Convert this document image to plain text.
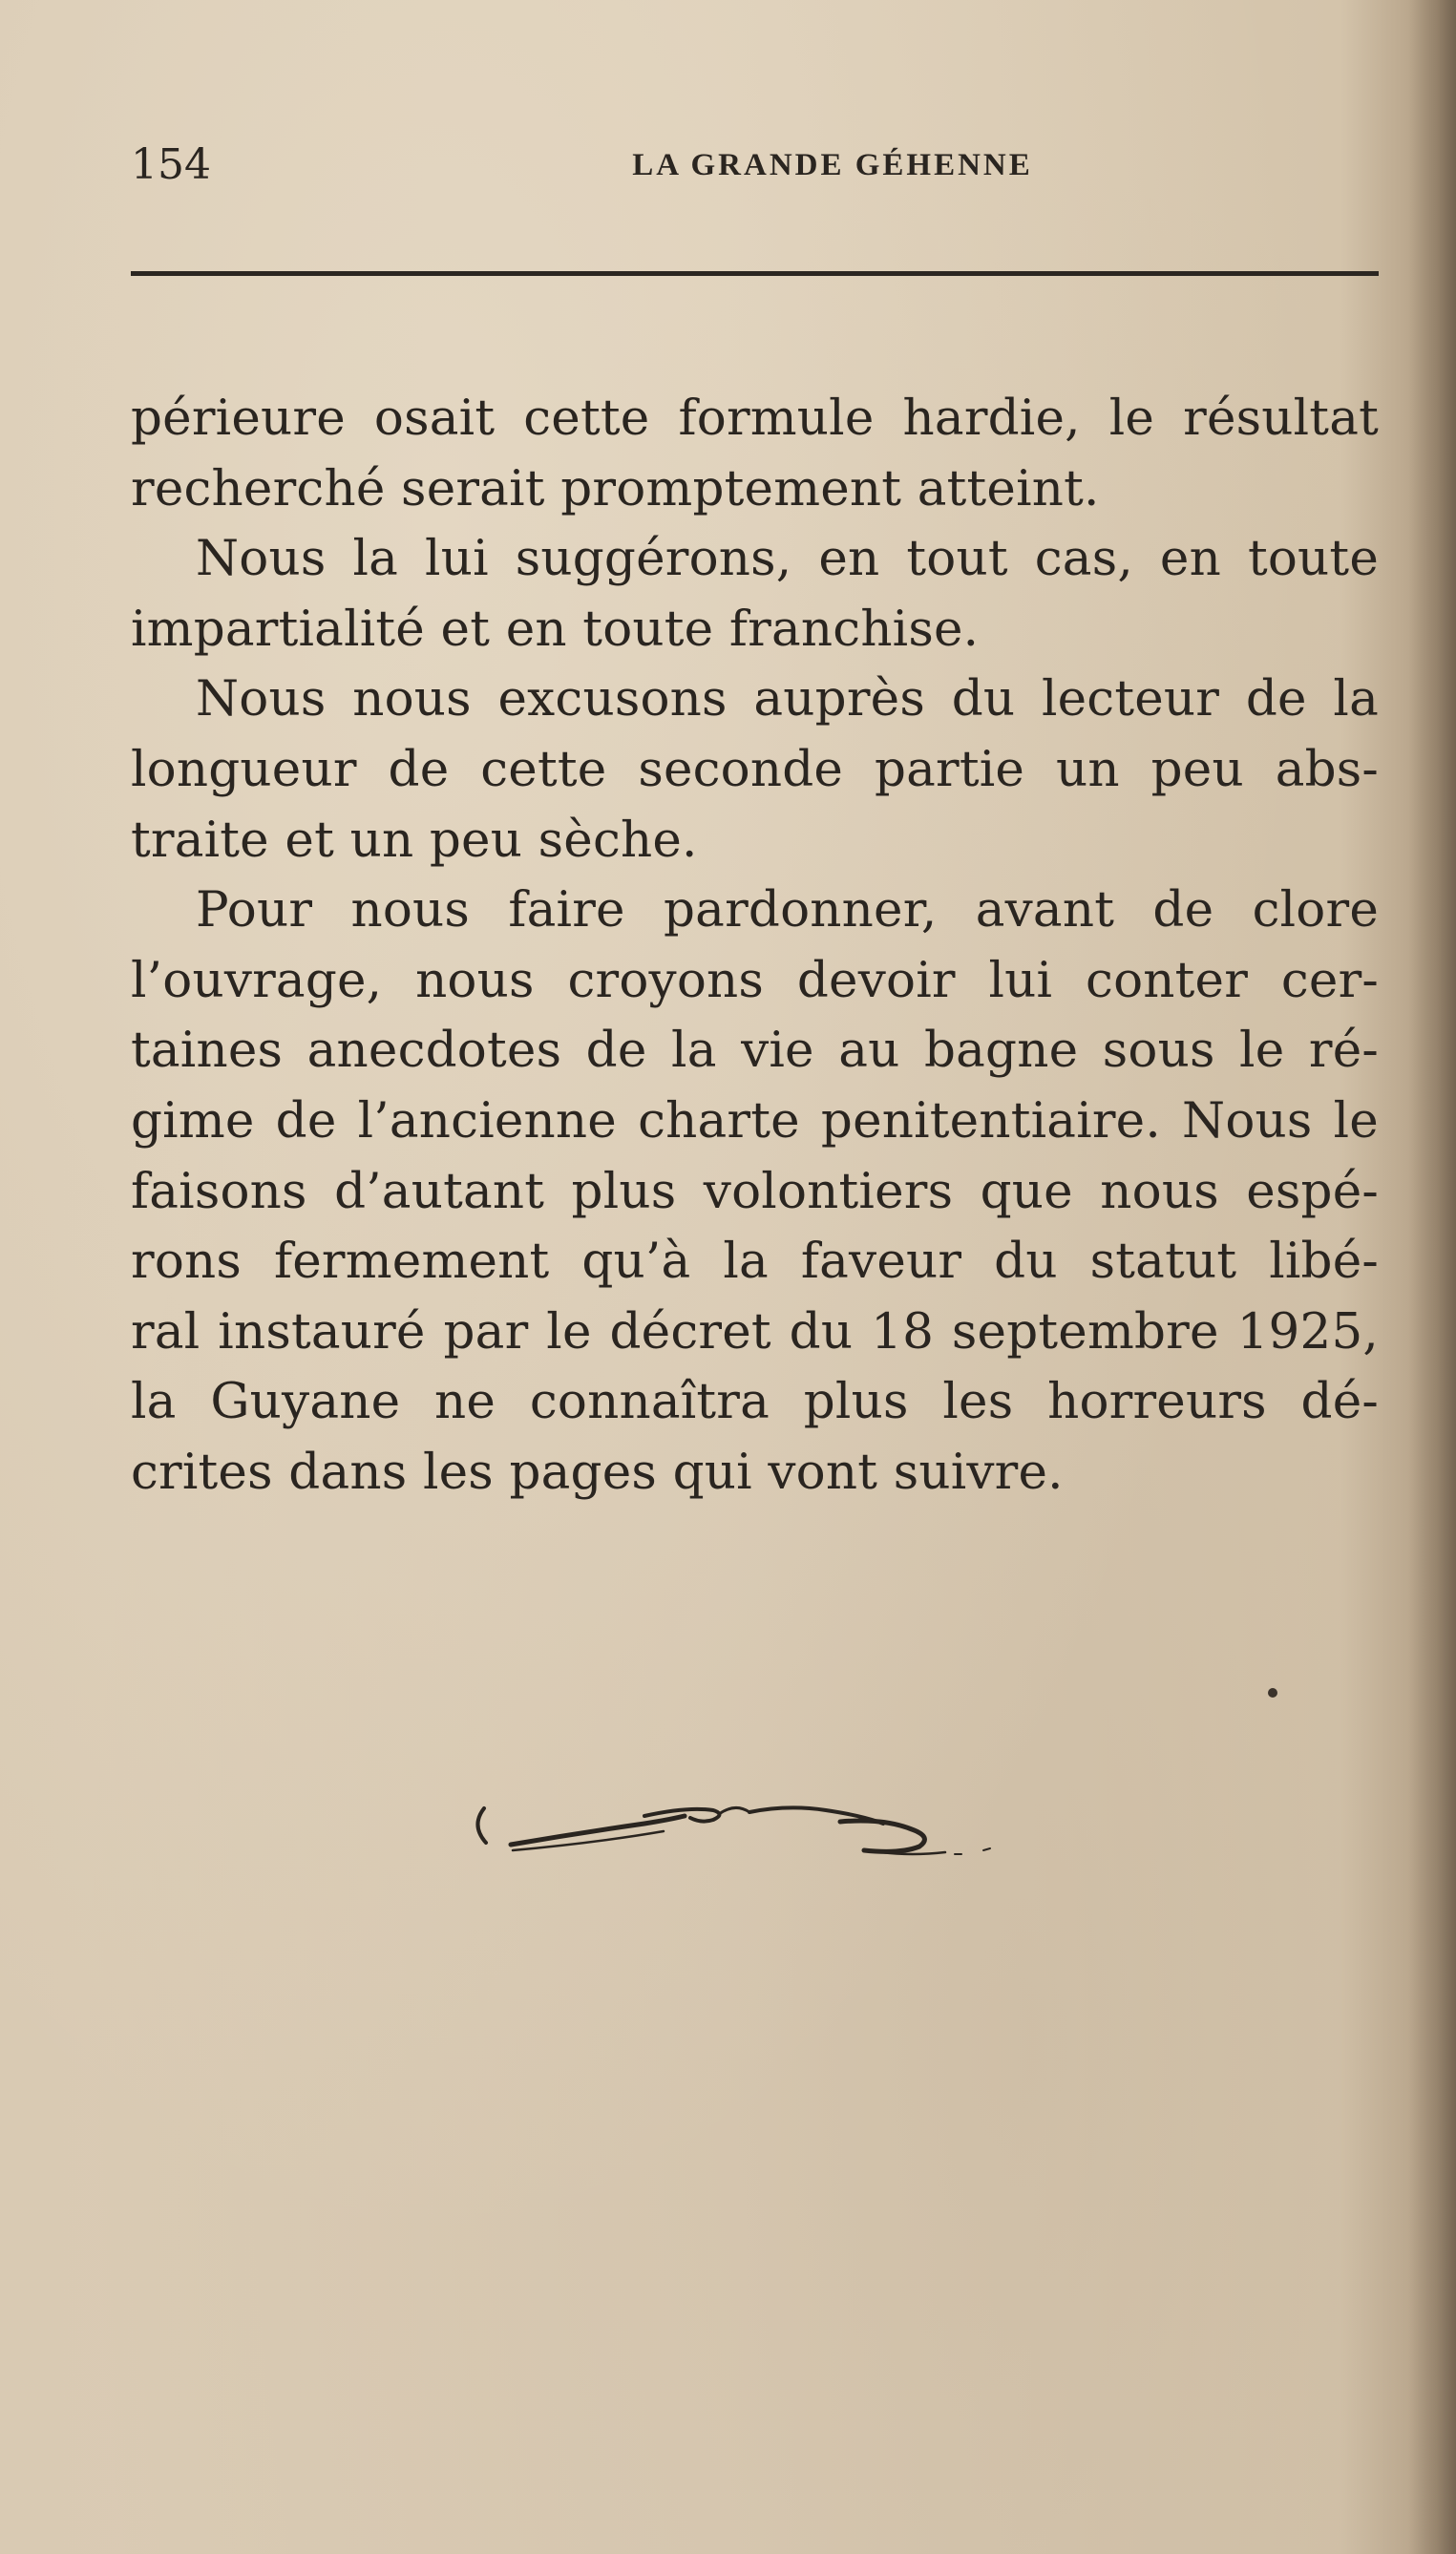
154	LA GRANDE GÉHENNE
périeure osait cette formule hardie, le résultat
recherché serait promptement atteint.
Nous la lui suggérons, en tout cas, en toute
impartialité et en toute franchise.
Nous nous excusons auprès du lecteur de la
longueur de cette seconde partie un peu abs-
traite et un peu sèche.
Pour nous faire pardonner, avant de clore
l’ouvrage, nous croyons devoir lui conter cer-
taines anecdotes de la vie au bagne sous le ré-
gime de l’ancienne charte penitentiaire. Nous le
faisons d’autant plus volontiers que nous espé-
rons fermement qu’à la faveur du statut libé-
ral instauré par le décret du 18 septembre 1925,
la Guyane ne connaîtra plus les horreurs dé-
crites dans les pages qui vont suivre.
